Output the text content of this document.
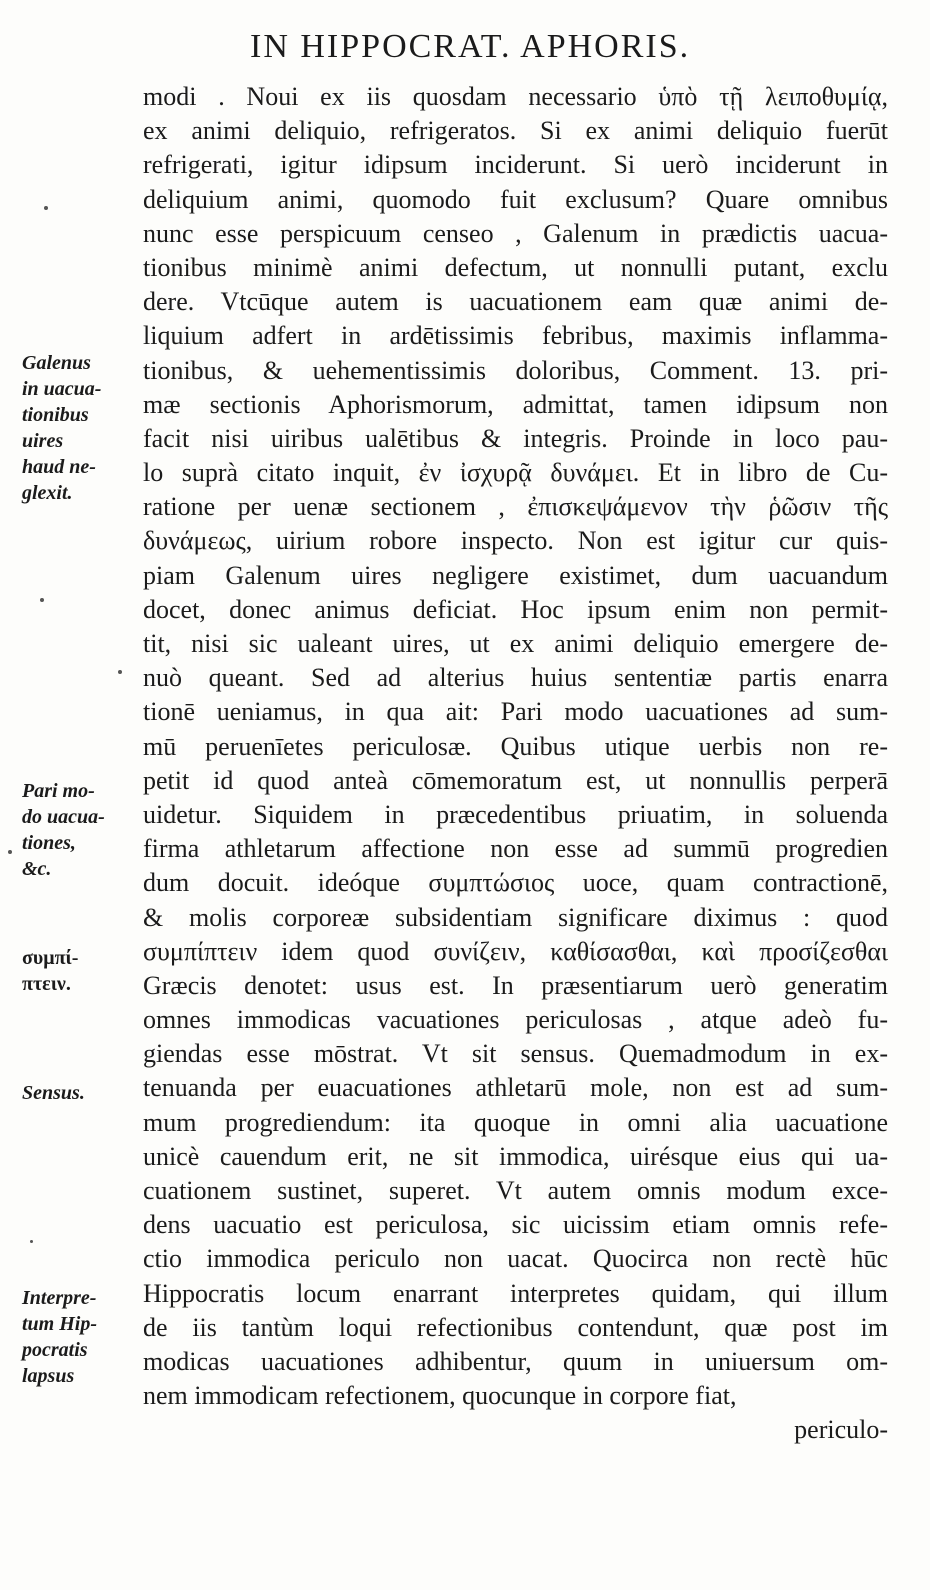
IN HIPPOCRAT. APHORIS.
modi . Noui ex iis quosdam necessario ὑπὸ τῇ λειποθυμίᾳ,
ex animi deliquio, refrigeratos. Si ex animi deliquio fuerūt
refrigerati, igitur idipsum inciderunt. Si uerò inciderunt in
deliquium animi, quomodo fuit exclusum? Quare omnibus
nunc esse perspicuum censeo , Galenum in prædictis uacua-
tionibus minimè animi defectum, ut nonnulli putant, exclu
dere. Vtcūque autem is uacuationem eam quæ animi de-
liquium adfert in ardētissimis febribus, maximis inflamma-
tionibus, & uehementissimis doloribus, Comment. 13. pri-
mæ sectionis Aphorismorum, admittat, tamen idipsum non
facit nisi uiribus ualētibus & integris. Proinde in loco pau-
lo suprà citato inquit, ἐν ἰσχυρᾷ δυνάμει. Et in libro de Cu-
ratione per uenæ sectionem , ἐπισκεψάμενον τὴν ῥῶσιν τῆς
δυνάμεως, uirium robore inspecto. Non est igitur cur quis-
piam Galenum uires negligere existimet, dum uacuandum
docet, donec animus deficiat. Hoc ipsum enim non permit-
tit, nisi sic ualeant uires, ut ex animi deliquio emergere de-
nuò queant. Sed ad alterius huius sententiæ partis enarra
tionē ueniamus, in qua ait: Pari modo uacuationes ad sum-
mū peruenīetes periculosæ. Quibus utique uerbis non re-
petit id quod anteà cōmemoratum est, ut nonnullis perperā
uidetur. Siquidem in præcedentibus priuatim, in soluenda
firma athletarum affectione non esse ad summū progredien
dum docuit. ideóque συμπτώσιος uoce, quam contractionē,
& molis corporeæ subsidentiam significare diximus : quod
συμπίπτειν idem quod συνίζειν, καθίσασθαι, καὶ προσίζεσθαι
Græcis denotet: usus est. In præsentiarum uerò generatim
omnes immodicas vacuationes periculosas , atque adeò fu-
giendas esse mōstrat. Vt sit sensus. Quemadmodum in ex-
tenuanda per euacuationes athletarū mole, non est ad sum-
mum progrediendum: ita quoque in omni alia uacuatione
unicè cauendum erit, ne sit immodica, uirésque eius qui ua-
cuationem sustinet, superet. Vt autem omnis modum exce-
dens uacuatio est periculosa, sic uicissim etiam omnis refe-
ctio immodica periculo non uacat. Quocirca non rectè hūc
Hippocratis locum enarrant interpretes quidam, qui illum
de iis tantùm loqui refectionibus contendunt, quæ post im
modicas uacuationes adhibentur, quum in uniuersum om-
nem immodicam refectionem, quocunque in corpore fiat,
periculo-
Galenus
in uacua-
tionibus
uires
haud ne-
glexit.
Pari mo-
do uacua-
tiones,
&c.
συμπί-
πτειν.
Sensus.
Interpre-
tum Hip-
pocratis
lapsus
